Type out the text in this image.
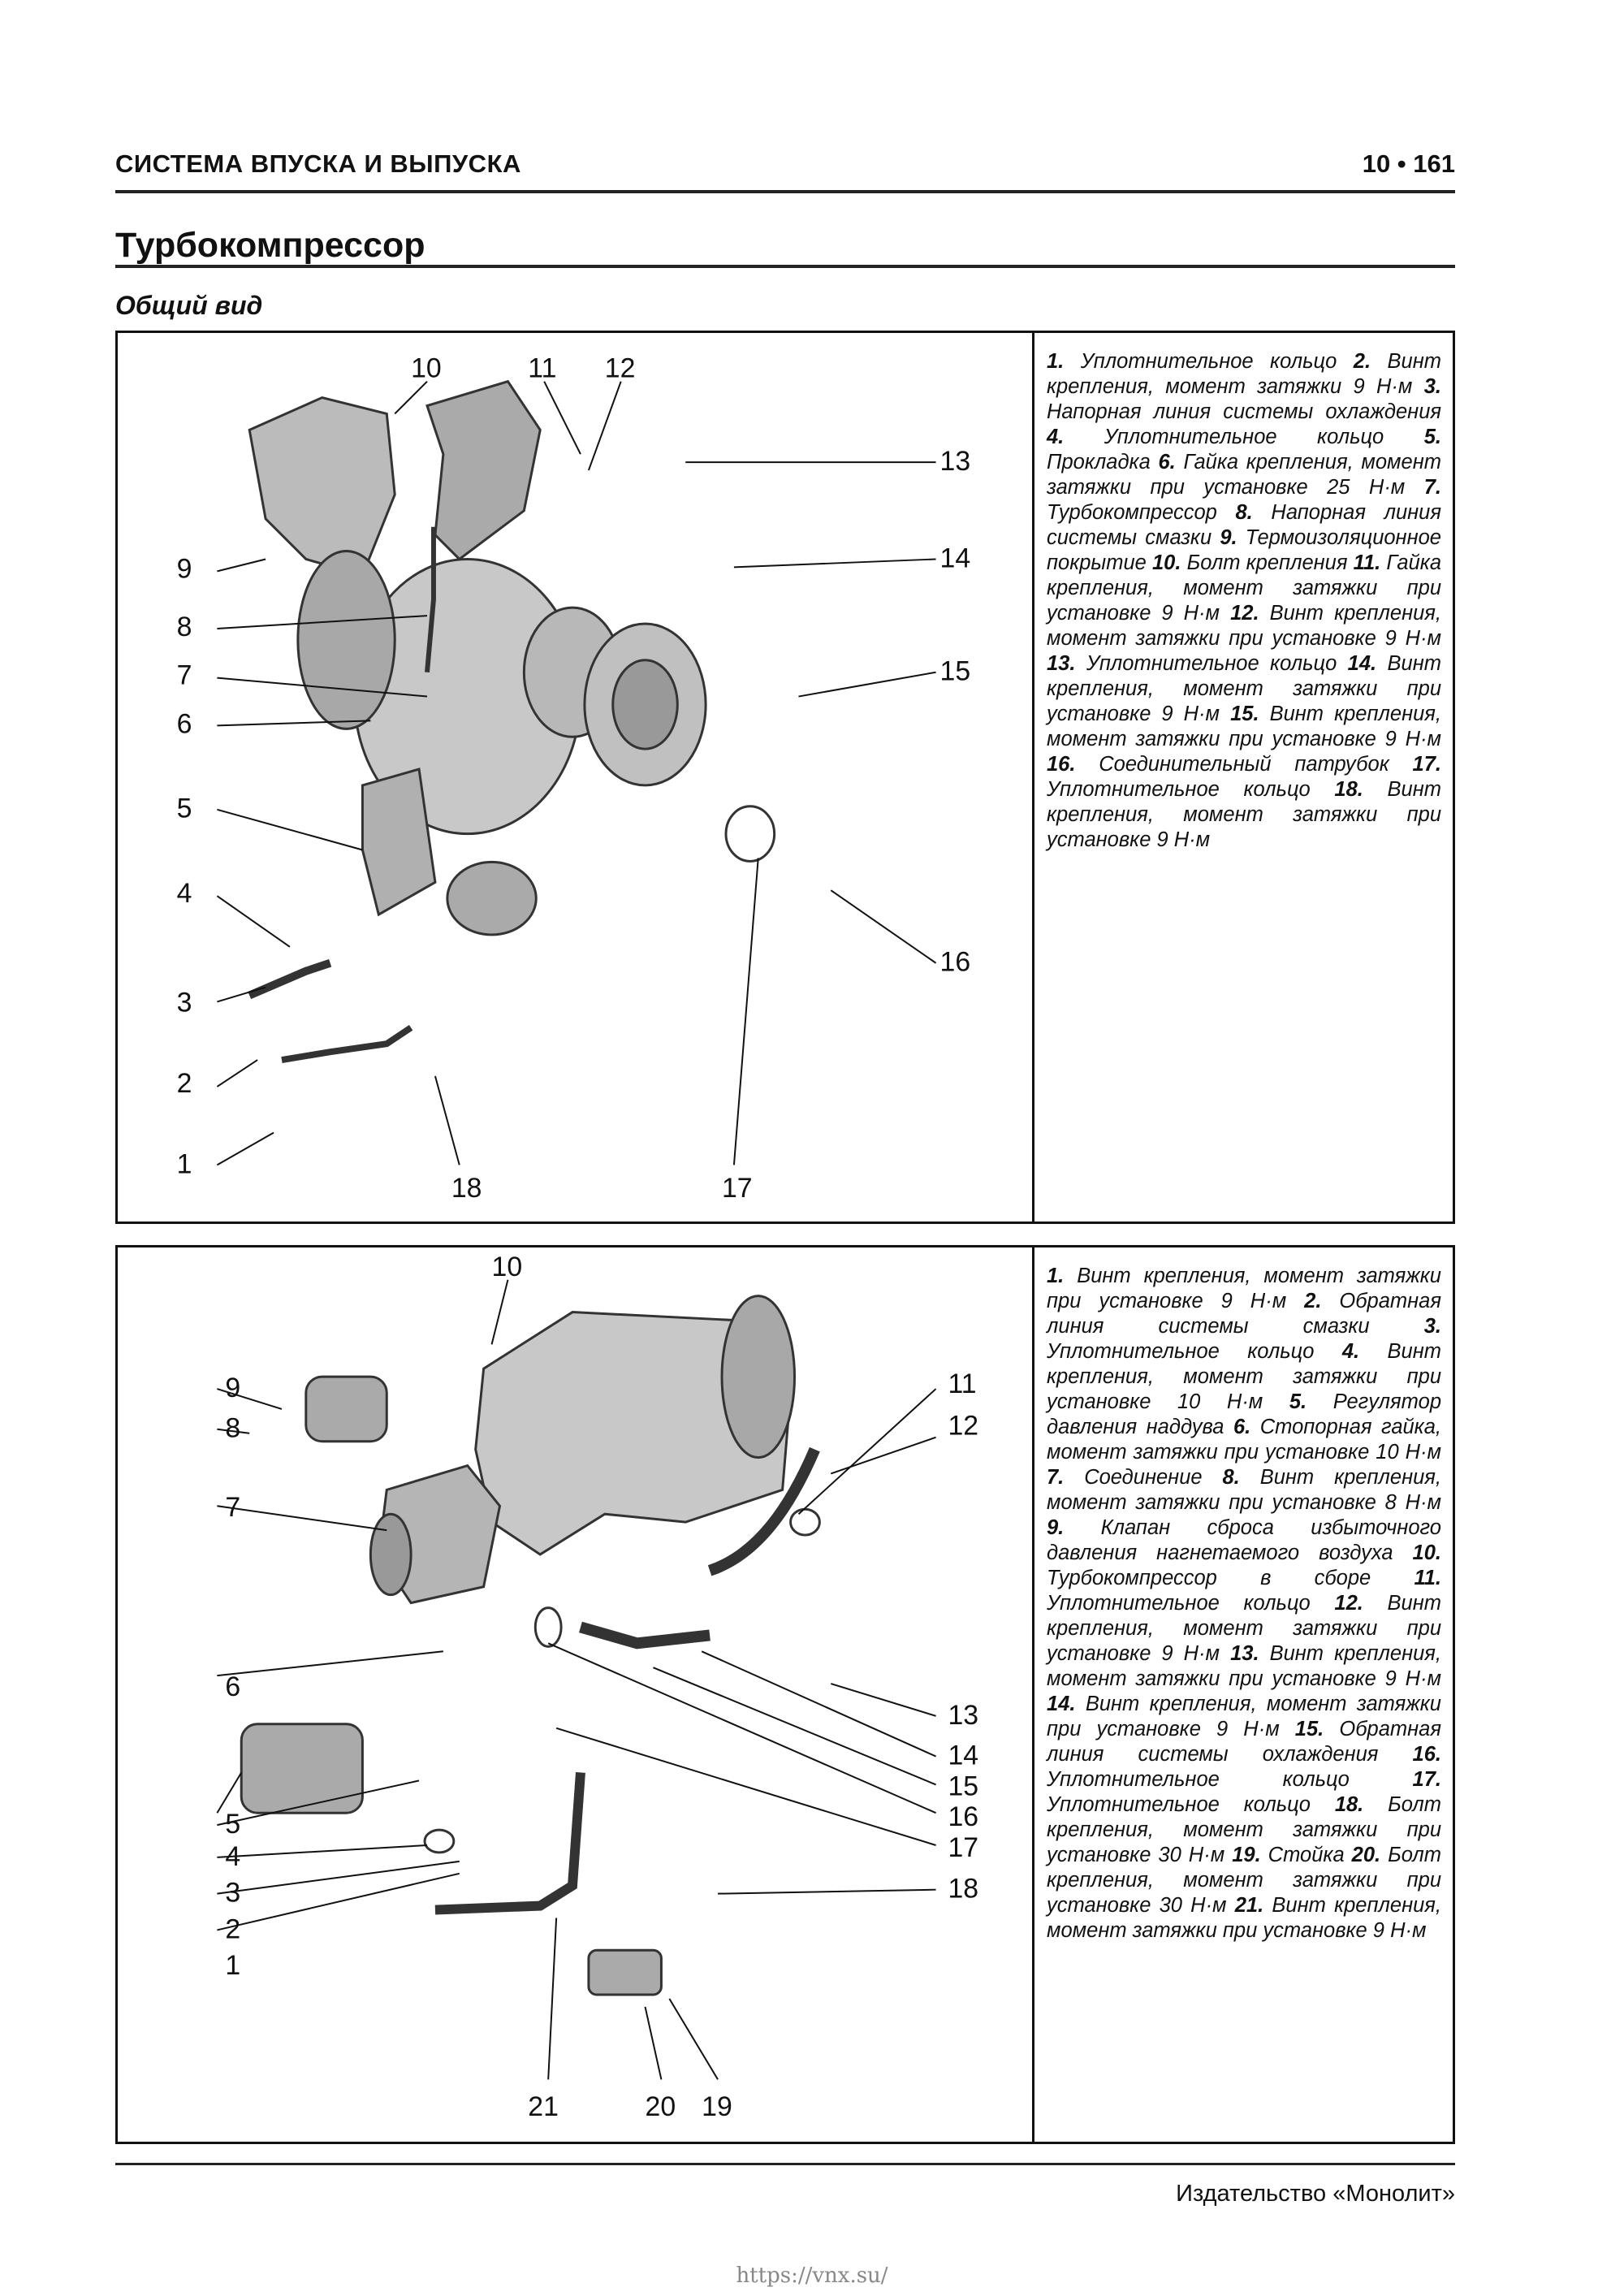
СИСТЕМА ВПУСКА И ВЫПУСКА	10 • 161
Турбокомпрессор
Общий вид
1
2
3
4
5
6
7
8
9
10	11 12
13
14
15
16
17
18
1. Уплотнительное кольцо 2. Винт крепления, момент затяжки 9 Н·м 3. Напорная линия системы охлаждения 4. Уплотнительное кольцо 5. Прокладка 6. Гайка крепления, момент затяжки при установке 25 Н·м 7. Турбокомпрессор 8. Напорная линия системы смазки 9. Термоизоляционное покрытие 10. Болт крепления 11. Гайка крепления, момент затяжки при установке 9 Н·м 12. Винт крепления, момент затяжки при установке 9 Н·м 13. Уплотнительное кольцо 14. Винт крепления, момент затяжки при установке 9 Н·м 15. Винт крепления, момент затяжки при установке 9 Н·м 16. Соединительный патрубок 17. Уплотнительное кольцо 18. Винт крепления, момент затяжки при установке 9 Н·м
1
2
3
4
5
6
7
8
9
10
11
12
13
14
15
16
17
18
19
20
21
1. Винт крепления, момент затяжки при установке 9 Н·м 2. Обратная линия системы смазки 3. Уплотнительное кольцо 4. Винт крепления, момент затяжки при установке 10 Н·м 5. Регулятор давления наддува 6. Стопорная гайка, момент затяжки при установке 10 Н·м 7. Соединение 8. Винт крепления, момент затяжки при установке 8 Н·м 9. Клапан сброса избыточного давления нагнетаемого воздуха 10. Турбокомпрессор в сборе 11. Уплотнительное кольцо 12. Винт крепления, момент затяжки при установке 9 Н·м 13. Винт крепления, момент затяжки при установке 9 Н·м 14. Винт крепления, момент затяжки при установке 9 Н·м 15. Обратная линия системы охлаждения 16. Уплотнительное кольцо 17. Уплотнительное кольцо 18. Болт крепления, момент затяжки при установке 30 Н·м 19. Стойка 20. Болт крепления, момент затяжки при установке 30 Н·м 21. Винт крепления, момент затяжки при установке 9 Н·м
Издательство «Монолит»
https://vnx.su/
